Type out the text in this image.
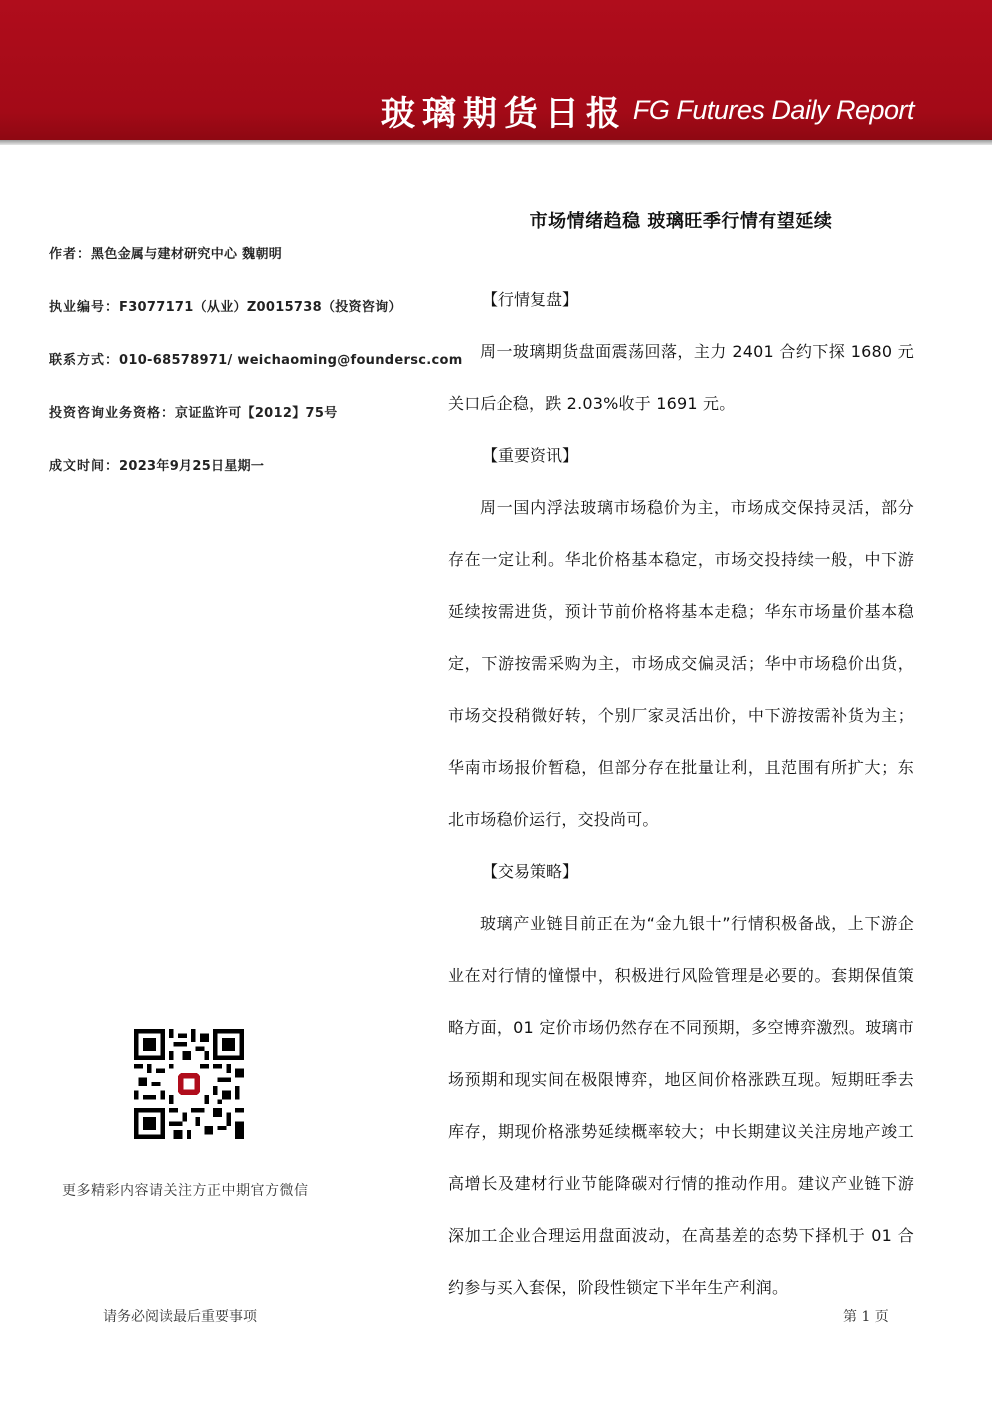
玻璃期货日报 FG Futures Daily Report
作者：黑色金属与建材研究中心 魏朝明
执业编号：F3077171（从业）Z0015738（投资咨询）
联系方式：010-68578971/ weichaoming@foundersc.com
投资咨询业务资格：京证监许可【2012】75号
成文时间：2023年9月25日星期一
更多精彩内容请关注方正中期官方微信
市场情绪趋稳 玻璃旺季行情有望延续
【行情复盘】

周一玻璃期货盘面震荡回落，主力 2401 合约下探 1680 元关口后企稳，跌 2.03%收于 1691 元。

【重要资讯】

周一国内浮法玻璃市场稳价为主，市场成交保持灵活，部分存在一定让利。华北价格基本稳定，市场交投持续一般，中下游延续按需进货，预计节前价格将基本走稳；华东市场量价基本稳定，下游按需采购为主，市场成交偏灵活；华中市场稳价出货，市场交投稍微好转，个别厂家灵活出价，中下游按需补货为主；华南市场报价暂稳，但部分存在批量让利，且范围有所扩大；东北市场稳价运行，交投尚可。

【交易策略】

玻璃产业链目前正在为“金九银十”行情积极备战，上下游企业在对行情的憧憬中，积极进行风险管理是必要的。套期保值策略方面，01 定价市场仍然存在不同预期，多空博弈激烈。玻璃市场预期和现实间在极限博弈，地区间价格涨跌互现。短期旺季去库存，期现价格涨势延续概率较大；中长期建议关注房地产竣工高增长及建材行业节能降碳对行情的推动作用。建议产业链下游深加工企业合理运用盘面波动，在高基差的态势下择机于 01 合约参与买入套保，阶段性锁定下半年生产利润。

请务必阅读最后重要事项	第 1 页
